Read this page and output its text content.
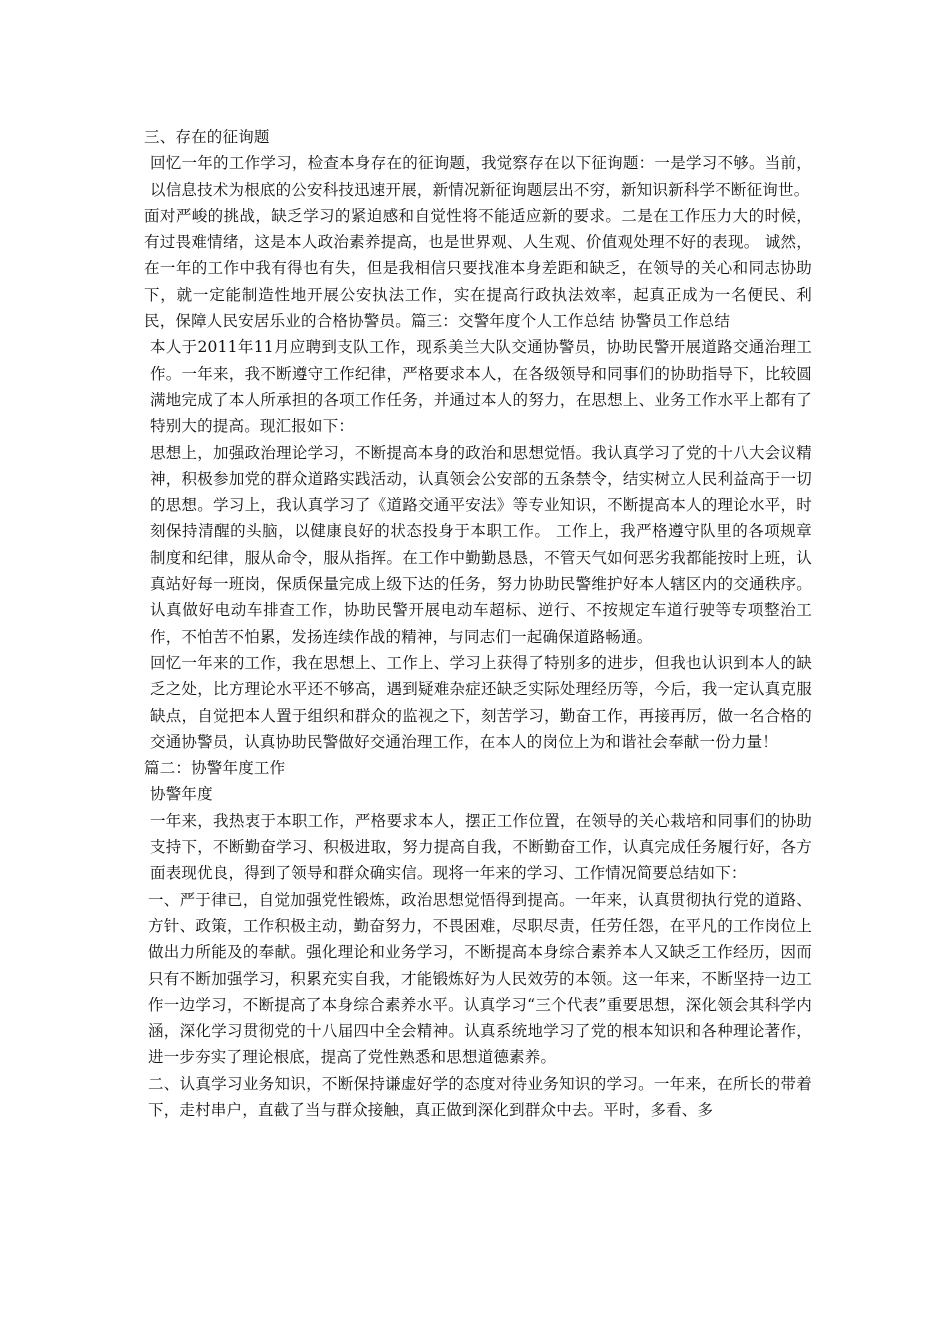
三、存在的征询题

回忆一年的工作学习，检查本身存在的征询题，我觉察存在以下征询题：一是学习不够。当前，以信息技术为根底的公安科技迅速开展，新情况新征询题层出不穷，新知识新科学不断征询世。

面对严峻的挑战，缺乏学习的紧迫感和自觉性将不能适应新的要求。二是在工作压力大的时候，有过畏难情绪，这是本人政治素养提高，也是世界观、人生观、价值观处理不好的表现。 诚然，在一年的工作中我有得也有失，但是我相信只要找准本身差距和缺乏，在领导的关心和同志协助下，就一定能制造性地开展公安执法工作，实在提高行政执法效率，起真正成为一名便民、利民，保障人民安居乐业的合格协警员。篇三：交警年度个人工作总结 协警员工作总结

本人于2011年11月应聘到支队工作，现系美兰大队交通协警员，协助民警开展道路交通治理工作。一年来，我不断遵守工作纪律，严格要求本人，在各级领导和同事们的协助指导下，比较圆满地完成了本人所承担的各项工作任务，并通过本人的努力，在思想上、业务工作水平上都有了特别大的提高。现汇报如下：

思想上，加强政治理论学习，不断提高本身的政治和思想觉悟。我认真学习了党的十八大会议精神，积极参加党的群众道路实践活动，认真领会公安部的五条禁令，结实树立人民利益高于一切的思想。学习上，我认真学习了《道路交通平安法》等专业知识，不断提高本人的理论水平，时刻保持清醒的头脑，以健康良好的状态投身于本职工作。 工作上，我严格遵守队里的各项规章制度和纪律，服从命令，服从指挥。在工作中勤勤恳恳，不管天气如何恶劣我都能按时上班，认真站好每一班岗，保质保量完成上级下达的任务，努力协助民警维护好本人辖区内的交通秩序。认真做好电动车排查工作，协助民警开展电动车超标、逆行、不按规定车道行驶等专项整治工作，不怕苦不怕累，发扬连续作战的精神，与同志们一起确保道路畅通。

回忆一年来的工作，我在思想上、工作上、学习上获得了特别多的进步，但我也认识到本人的缺乏之处，比方理论水平还不够高，遇到疑难杂症还缺乏实际处理经历等，今后，我一定认真克服缺点，自觉把本人置于组织和群众的监视之下，刻苦学习，勤奋工作，再接再厉，做一名合格的交通协警员，认真协助民警做好交通治理工作，在本人的岗位上为和谐社会奉献一份力量！

篇二：协警年度工作

协警年度

一年来，我热衷于本职工作，严格要求本人，摆正工作位置，在领导的关心栽培和同事们的协助支持下，不断勤奋学习、积极进取，努力提高自我，不断勤奋工作，认真完成任务履行好，各方面表现优良，得到了领导和群众确实信。现将一年来的学习、工作情况简要总结如下：

一、严于律已，自觉加强党性锻炼，政治思想觉悟得到提高。一年来，认真贯彻执行党的道路、方针、政策，工作积极主动，勤奋努力，不畏困难，尽职尽责，任劳任怨，在平凡的工作岗位上做出力所能及的奉献。强化理论和业务学习，不断提高本身综合素养本人又缺乏工作经历，因而只有不断加强学习，积累充实自我，才能锻炼好为人民效劳的本领。这一年来，不断坚持一边工作一边学习，不断提高了本身综合素养水平。认真学习“三个代表”重要思想，深化领会其科学内涵，深化学习贯彻党的十八届四中全会精神。认真系统地学习了党的根本知识和各种理论著作，进一步夯实了理论根底，提高了党性熟悉和思想道德素养。

二、认真学习业务知识，不断保持谦虚好学的态度对待业务知识的学习。一年来，在所长的带着下，走村串户，直截了当与群众接触，真正做到深化到群众中去。平时，多看、多
